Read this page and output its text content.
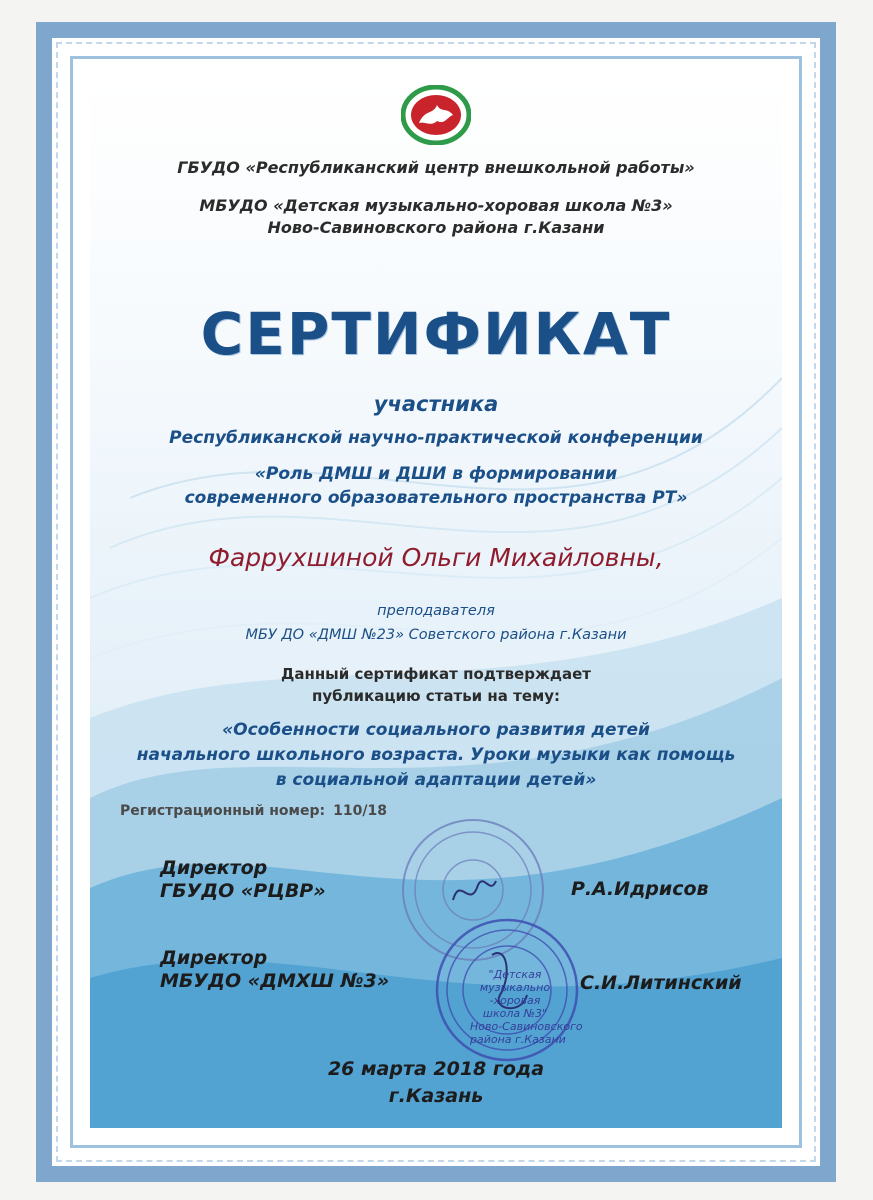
ГБУДО «Республиканский центр внешкольной работы»
МБУДО «Детская музыкально-хоровая школа №3»
Ново-Савиновского района г.Казани
СЕРТИФИКАТ
участника
Республиканской научно-практической конференции
«Роль ДМШ и ДШИ в формировании
современного образовательного пространства РТ»
Фаррухшиной Ольги Михайловны,
преподавателя
МБУ ДО «ДМШ №23» Советского района г.Казани
Данный сертификат подтверждает
публикацию статьи на тему:
«Особенности социального развития детей
начального школьного возраста. Уроки музыки как помощь
в социальной адаптации детей»
Регистрационный номер: 110/18
"Детская
музыкально
-хоровая
школа №3"
Ново-Савиновского
района г.Казани
Директор
ГБУДО «РЦВР»	Р.А.Идрисов
Директор
МБУДО «ДМХШ №3»	С.И.Литинский
26 марта 2018 года
г.Казань
